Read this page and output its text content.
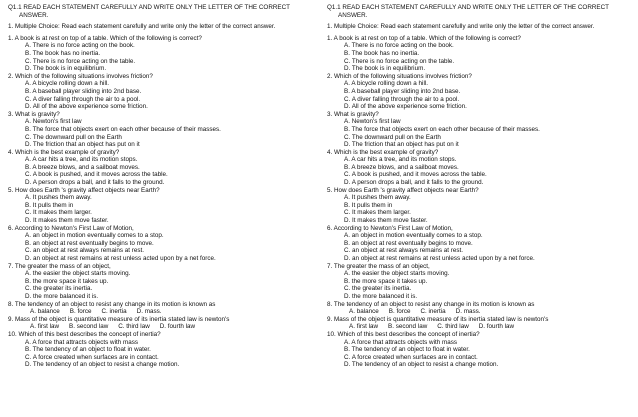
Q1.1 READ EACH STATEMENT CAREFULLY AND WRITE ONLY THE LETTER OF THE CORRECT
ANSWER.
1. Multiple Choice: Read each statement carefully and write only the letter of the correct answer.
1. A book is at rest on top of a table. Which of the following is correct?
A. There is no force acting on the book.
B. The book has no inertia.
C. There is no force acting on the table.
D. The book is in equilibrium.
2. Which of the following situations involves friction?
A. A bicycle rolling down a hill.
B. A baseball player sliding into 2nd base.
C. A diver falling through the air to a pool.
D. All of the above experience some friction.
3. What is gravity?
A. Newton's first law
B. The force that objects exert on each other because of their masses.
C. The downward pull on the Earth
D. The friction that an object has put on it
4. Which is the best example of gravity?
A. A car hits a tree, and its motion stops.
B. A breeze blows, and a sailboat moves.
C. A book is pushed, and it moves across the table.
D. A person drops a ball, and it falls to the ground.
5. How does Earth 's gravity affect objects near Earth?
A. It pushes them away.
B. It pulls them in
C. It makes them larger.
D. It makes them move faster.
6. According to Newton's First Law of Motion,
A. an object in motion eventually comes to a stop.
B. an object at rest eventually begins to move.
C. an object at rest always remains at rest.
D. an object at rest remains at rest unless acted upon by a net force.
7. The greater the mass of an object,
A. the easier the object starts moving.
B. the more space it takes up.
C. the greater its inertia.
D. the more balanced it is.
8. The tendency of an object to resist any change in its motion is known as
A. balance B. force C. inertia D. mass.
9. Mass of the object is quantitative measure of its inertia stated law is newton's
A. first law B. second law C. third law D. fourth law
10. Which of this best describes the concept of inertia?
A. A force that attracts objects with mass
B. The tendency of an object to float in water.
C. A force created when surfaces are in contact.
D. The tendency of an object to resist a change motion.
Q1.1 READ EACH STATEMENT CAREFULLY AND WRITE ONLY THE LETTER OF THE CORRECT
ANSWER.
1. Multiple Choice: Read each statement carefully and write only the letter of the correct answer.
1. A book is at rest on top of a table. Which of the following is correct?
A. There is no force acting on the book.
B. The book has no inertia.
C. There is no force acting on the table.
D. The book is in equilibrium.
2. Which of the following situations involves friction?
A. A bicycle rolling down a hill.
B. A baseball player sliding into 2nd base.
C. A diver falling through the air to a pool.
D. All of the above experience some friction.
3. What is gravity?
A. Newton's first law
B. The force that objects exert on each other because of their masses.
C. The downward pull on the Earth
D. The friction that an object has put on it
4. Which is the best example of gravity?
A. A car hits a tree, and its motion stops.
B. A breeze blows, and a sailboat moves.
C. A book is pushed, and it moves across the table.
D. A person drops a ball, and it falls to the ground.
5. How does Earth 's gravity affect objects near Earth?
A. It pushes them away.
B. It pulls them in
C. It makes them larger.
D. It makes them move faster.
6. According to Newton's First Law of Motion,
A. an object in motion eventually comes to a stop.
B. an object at rest eventually begins to move.
C. an object at rest always remains at rest.
D. an object at rest remains at rest unless acted upon by a net force.
7. The greater the mass of an object,
A. the easier the object starts moving.
B. the more space it takes up.
C. the greater its inertia.
D. the more balanced it is.
8. The tendency of an object to resist any change in its motion is known as
A. balance B. force C. inertia D. mass.
9. Mass of the object is quantitative measure of its inertia stated law is newton's
A. first law B. second law C. third law D. fourth law
10. Which of this best describes the concept of inertia?
A. A force that attracts objects with mass
B. The tendency of an object to float in water.
C. A force created when surfaces are in contact.
D. The tendency of an object to resist a change motion.
